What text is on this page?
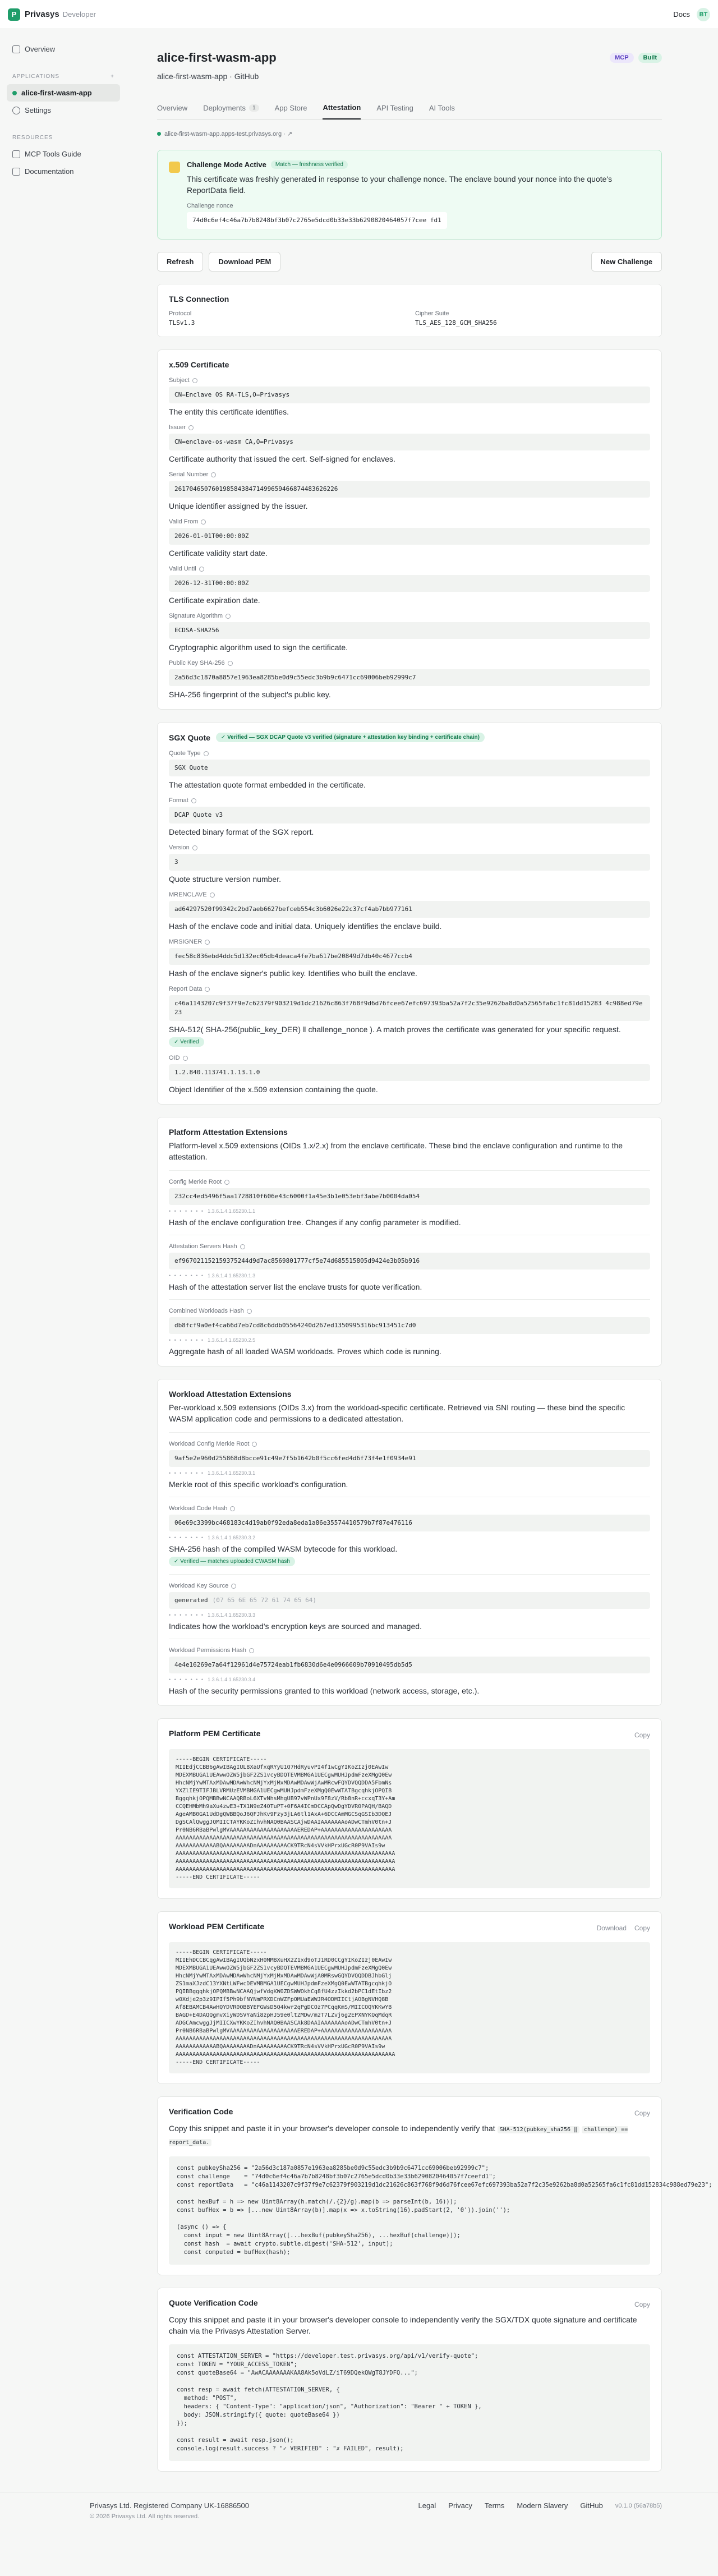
P Privasys Developer	Docs	BT
Overview
APPLICATIONS	+
alice-first-wasm-app
Settings
RESOURCES
MCP Tools Guide
Documentation
alice-first-wasm-app	MCP	Built
alice-first-wasm-app · GitHub
Overview Deployments	1	App Store Attestation API Testing AI Tools
alice-first-wasm-app.apps-test.privasys.org · ↗
Challenge Mode Active	Match — freshness verified
This certificate was freshly generated in response to your challenge nonce. The enclave bound your nonce into the quote's ReportData field.
Challenge nonce
74d0c6ef4c46a7b7b8248bf3b07c2765e5dcd0b33e33b6290820464057f7cee fd1
Refresh	Download PEM	New Challenge
TLS Connection
Protocol
TLSv1.3
Cipher Suite
TLS_AES_128_GCM_SHA256
x.509 Certificate
Subject
CN=Enclave OS RA-TLS,O=Privasys
The entity this certificate identifies.
Issuer
CN=enclave-os-wasm CA,O=Privasys
Certificate authority that issued the cert. Self-signed for enclaves.
Serial Number
26170465076019858438471499659466874483626226
Unique identifier assigned by the issuer.
Valid From
2026-01-01T00:00:00Z
Certificate validity start date.
Valid Until
2026-12-31T00:00:00Z
Certificate expiration date.
Signature Algorithm
ECDSA-SHA256
Cryptographic algorithm used to sign the certificate.
Public Key SHA-256
2a56d3c1870a8857e1963ea8285be0d9c55edc3b9b9c6471cc69006beb92999c7
SHA-256 fingerprint of the subject's public key.
SGX Quote	✓ Verified — SGX DCAP Quote v3 verified (signature + attestation key binding + certificate chain)
Quote Type
SGX Quote
The attestation quote format embedded in the certificate.
Format
DCAP Quote v3
Detected binary format of the SGX report.
Version
3
Quote structure version number.
MRENCLAVE
ad64297520f99342c2bd7aeb6627befceb554c3b6026e22c37cf4ab7bb977161
Hash of the enclave code and initial data. Uniquely identifies the enclave build.
MRSIGNER
fec58c836ebd4ddc5d132ec05db4deaca4fe7ba617be20849d7db40c4677ccb4
Hash of the enclave signer's public key. Identifies who built the enclave.
Report Data
c46a1143207c9f37f9e7c62379f903219d1dc21626c863f768f9d6d76fcee67efc697393ba52a7f2c35e9262ba8d0a52565fa6c1fc81dd15283 4c988ed79e23
SHA-512( SHA-256(public_key_DER) ‖ challenge_nonce ). A match proves the certificate was generated for your specific request.
✓ Verified
OID
1.2.840.113741.1.13.1.0
Object Identifier of the x.509 extension containing the quote.
Platform Attestation Extensions
Platform-level x.509 extensions (OIDs 1.x/2.x) from the enclave certificate. These bind the enclave configuration and runtime to the attestation.
Config Merkle Root
232cc4ed5496f5aa1728810f606e43c6000f1a45e3b1e053ebf3abe7b0004da054
• • • • • • • 1.3.6.1.4.1.65230.1.1
Hash of the enclave configuration tree. Changes if any config parameter is modified.
Attestation Servers Hash
ef967021152159375244d9d7ac8569801777cf5e74d685515805d9424e3b05b916
• • • • • • • 1.3.6.1.4.1.65230.1.3
Hash of the attestation server list the enclave trusts for quote verification.
Combined Workloads Hash
db8fcf9a0ef4ca66d7eb7cd8c6ddb05564240d267ed1350995316bc913451c7d0
• • • • • • • 1.3.6.1.4.1.65230.2.5
Aggregate hash of all loaded WASM workloads. Proves which code is running.
Workload Attestation Extensions
Per-workload x.509 extensions (OIDs 3.x) from the workload-specific certificate. Retrieved via SNI routing — these bind the specific WASM application code and permissions to a dedicated attestation.
Workload Config Merkle Root
9af5e2e960d255868d8bcce91c49e7f5b1642b0f5cc6fed4d6f73f4e1f0934e91
• • • • • • • 1.3.6.1.4.1.65230.3.1
Merkle root of this specific workload's configuration.
Workload Code Hash
06e69c3399bc468183c4d19ab0f92eda8eda1a86e35574410579b7f87e476116
• • • • • • • 1.3.6.1.4.1.65230.3.2
SHA-256 hash of the compiled WASM bytecode for this workload.
✓ Verified — matches uploaded CWASM hash
Workload Key Source
generated (07 65 6E 65 72 61 74 65 64)
• • • • • • • 1.3.6.1.4.1.65230.3.3
Indicates how the workload's encryption keys are sourced and managed.
Workload Permissions Hash
4e4e16269e7a64f12961d4e75724eab1fb6830d6e4e0966609b70910495db5d5
• • • • • • • 1.3.6.1.4.1.65230.3.4
Hash of the security permissions granted to this workload (network access, storage, etc.).
Platform PEM Certificate	Copy
-----BEGIN CERTIFICATE-----
MIIEdjCCBB6gAwIBAgIUL8XaUfxqRYyU1Q7HdRyuvPI4f1wCgYIKoZIzj0EAwIw
MDEXMBUGA1UEAwwOZW5jbGF2ZS1vcyBDQTEVMBMGA1UECgwMUHJpdmFzeXMgQ0Ew
HhcNMjYwMTAxMDAwMDAwWhcNMjYxMjMxMDAwMDAwWjAwMRcwFQYDVQQDDA5FbmNs
YXZlIE9TIFJBLVRMUzEVMBMGA1UECgwMUHJpdmFzeXMgQ0EwWTATBgcqhkjOPQIB
BggqhkjOPQMBBwNCAAQRBoL6XTvNhsMhgUB97vWPnUx9F8zV/Rb8nR+ccxqT3Y+Am
CCQEHMbMh9aXu4zwE3+TX1N9eZ4OTuPT+0F6A4ICmDCCApQwDgYDVR0PAQH/BAQD
AgeAMB0GA1UdDgQWBBQoJ6QFJhKv9Fzy3jLA6tl1AxA+6DCCAmMGCSqGSIb3DQEJ
DgSCAlQwggJQMIICTAYKKoZIhvhNAQ0BAASCAjwDAAIAAAAAAAoADwCTmhV0tn+J
Pr0NB6RBaBPwlgMVAAAAAAAAAAAAAAAAAAAAEREDAP+AAAAAAAAAAAAAAAAAAAAA
AAAAAAAAAAAAAAAAAAAAAAAAAAAAAAAAAAAAAAAAAAAAAAAAAAAAAAAAAAAAAAAA
AAAAAAAAAAAABQAAAAAAAADnAAAAAAAAACK9TRcN4sVVkHPrxUGcR0P9VAIs9w
AAAAAAAAAAAAAAAAAAAAAAAAAAAAAAAAAAAAAAAAAAAAAAAAAAAAAAAAAAAAAAAAA
AAAAAAAAAAAAAAAAAAAAAAAAAAAAAAAAAAAAAAAAAAAAAAAAAAAAAAAAAAAAAAAAA
AAAAAAAAAAAAAAAAAAAAAAAAAAAAAAAAAAAAAAAAAAAAAAAAAAAAAAAAAAAAAAAAA
-----END CERTIFICATE-----
Workload PEM Certificate	Download Copy
-----BEGIN CERTIFICATE-----
MIIEhDCCBCqgAwIBAgIUQbNzxH0MM8XuHX2Z1xd9oTJ1RD0CCgYIKoZIzj0EAwIw
MDEXMBUGA1UEAwwOZW5jbGF2ZS1vcyBDQTEVMBMGA1UECgwMUHJpdmFzeXMgQ0Ew
HhcNMjYwMTAxMDAwMDAwWhcNMjYxMjMxMDAwMDAwWjA0MRswGQYDVQQDDBJhbGlj
ZS1maXJzdC13YXNtLWFwcDEVMBMGA1UECgwMUHJpdmFzeXMgQ0EwWTATBgcqhkjO
PQIBBggqhkjOPQMBBwNCAAQjwfVdgKW0ZDSWWOkhCq8fU4zzIkkd2bPC1dEtIbz2
w0Xdje2p3z9IPIf5Ph9bfNYNmPRXDCnWZFpOMUaEWWJR4ODMIICtjAOBgNVHQ8B
Af8EBAMCB4AwHQYDVR0OBBYEFGWsD5Q4kwr2qPgDCOz7PCqqKmS/MIICOQYKKwYB
BAGD+E4DAQQgmvXiyWDSVYaNi8zpHJ59e0ltZMDw/m2T7LZvj6g2EPXNYKQqMdqR
ADGCAmcwggJjMIICXwYKKoZIhvhNAQ0BAASCAk8DAAIAAAAAAAoADwCTmhV0tn+J
Pr0NB6RBaBPwlgMVAAAAAAAAAAAAAAAAAAAAEREDAP+AAAAAAAAAAAAAAAAAAAAA
AAAAAAAAAAAAAAAAAAAAAAAAAAAAAAAAAAAAAAAAAAAAAAAAAAAAAAAAAAAAAAAA
AAAAAAAAAAAABQAAAAAAAADnAAAAAAAAACK9TRcN4sVVkHPrxUGcR0P9VAIs9w
AAAAAAAAAAAAAAAAAAAAAAAAAAAAAAAAAAAAAAAAAAAAAAAAAAAAAAAAAAAAAAAAA
-----END CERTIFICATE-----
Verification Code	Copy
Copy this snippet and paste it in your browser's developer console to independently verify that SHA-512(pubkey_sha256 ‖ challenge) == report_data.
const pubkeySha256 = "2a56d3c187a0857e1963ea8285be0d9c55edc3b9b9c6471cc69006beb92999c7";
const challenge    = "74d0c6ef4c46a7b7b8248bf3b07c2765e5dcd0b33e33b6290820464057f7ceefd1";
const reportData   = "c46a1143207c9f37f9e7c62379f903219d1dc21626c863f768f9d6d76fcee67efc697393ba52a7f2c35e9262ba8d0a52565fa6c1fc81dd152834c988ed79e23";

const hexBuf = h => new Uint8Array(h.match(/.{2}/g).map(b => parseInt(b, 16)));
const bufHex = b => [...new Uint8Array(b)].map(x => x.toString(16).padStart(2, '0')).join('');

(async () => {
const input = new Uint8Array([...hexBuf(pubkeySha256), ...hexBuf(challenge)]);
const hash  = await crypto.subtle.digest('SHA-512', input);
const computed = bufHex(hash);
Quote Verification Code	Copy
Copy this snippet and paste it in your browser's developer console to independently verify the SGX/TDX quote signature and certificate chain via the Privasys Attestation Server.
const ATTESTATION_SERVER = "https://developer.test.privasys.org/api/v1/verify-quote";
const TOKEN = "YOUR_ACCESS_TOKEN";
const quoteBase64 = "AwACAAAAAAAKAA8Ak5oVdLZ/iT69DQekQWgT8JYDFQ...";

const resp = await fetch(ATTESTATION_SERVER, {
method: "POST",
headers: { "Content-Type": "application/json", "Authorization": "Bearer " + TOKEN },
body: JSON.stringify({ quote: quoteBase64 })
});

const result = await resp.json();
console.log(result.success ? "✓ VERIFIED" : "✗ FAILED", result);
Privasys Ltd. Registered Company UK-16886500
© 2026 Privasys Ltd. All rights reserved.
Legal Privacy Terms Modern Slavery GitHub v0.1.0 (56a78b5)
